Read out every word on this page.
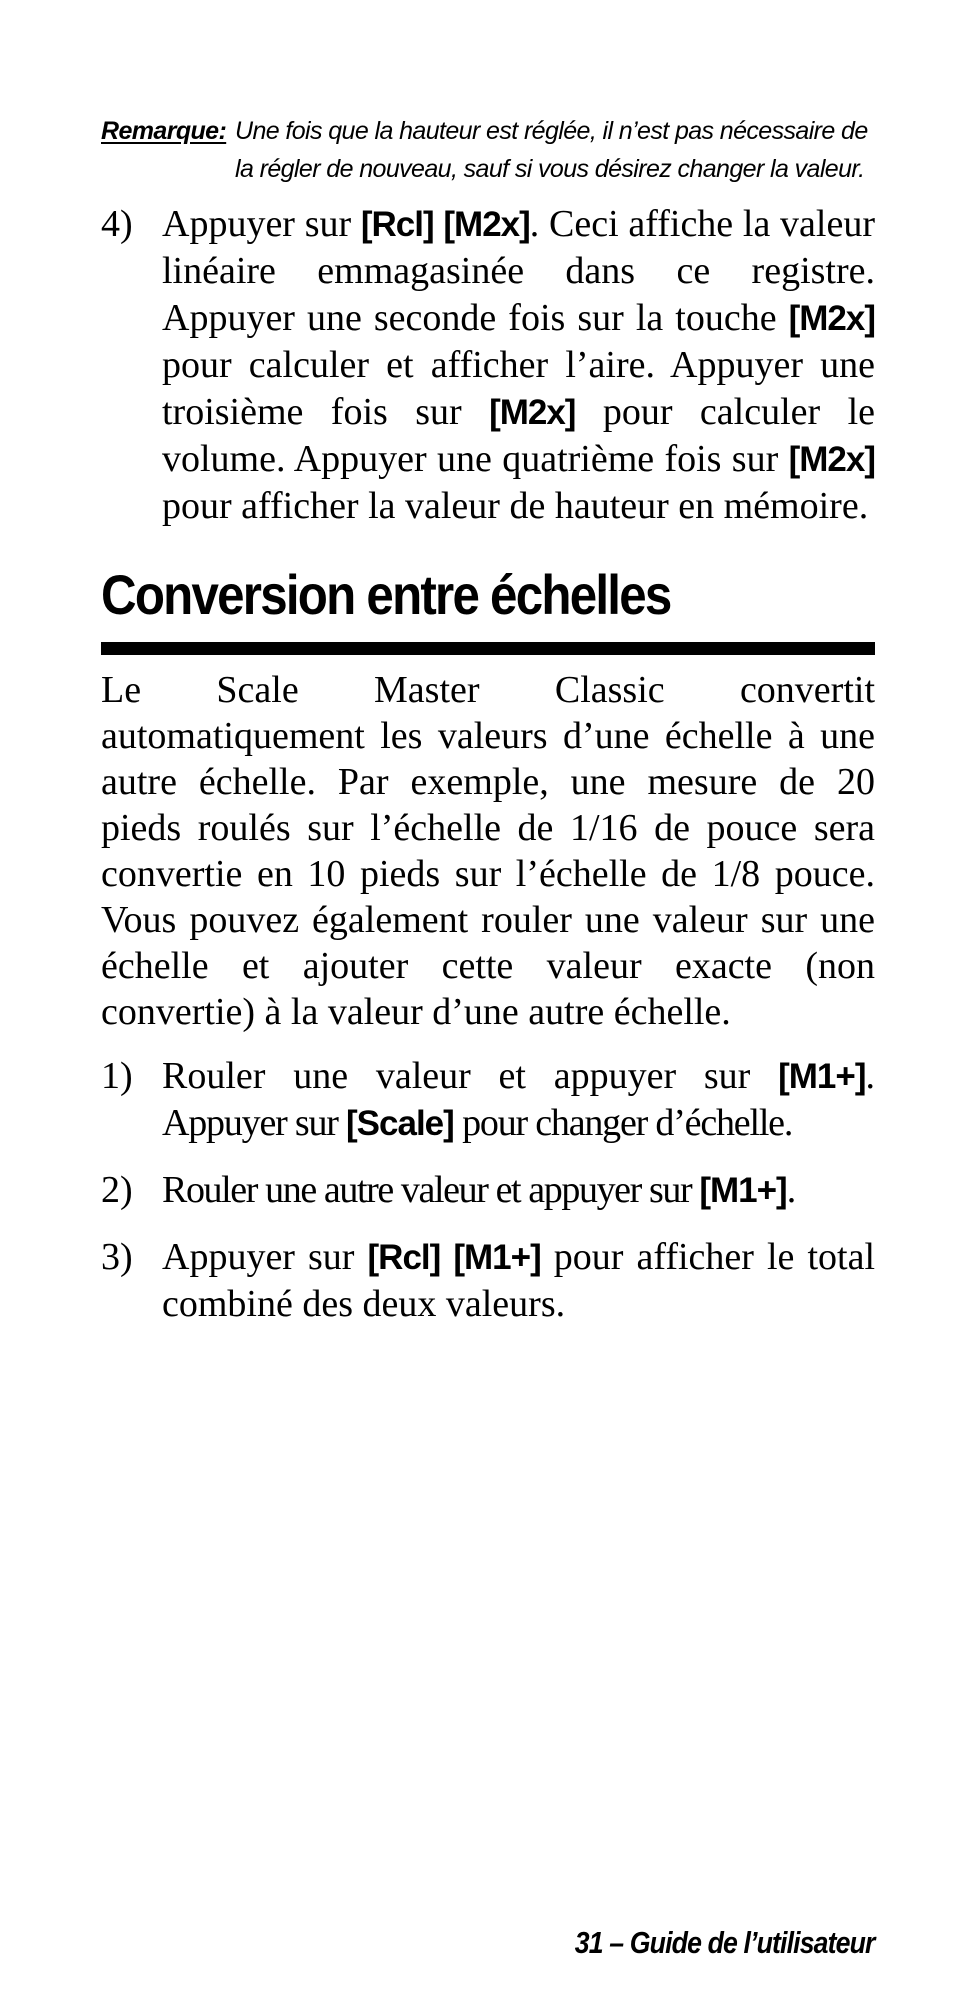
Remarque: Une fois que la hauteur est réglée, il n’est pas nécessaire de la régler de nouveau, sauf si vous désirez changer la valeur.
4) Appuyer sur [Rcl] [M2x]. Ceci affiche la valeur linéaire emmagasinée dans ce registre. Appuyer une seconde fois sur la touche [M2x] pour calculer et afficher l’aire. Appuyer une troisième fois sur [M2x] pour calculer le volume. Appuyer une quatrième fois sur [M2x] pour afficher la valeur de hauteur en mémoire.
Conversion entre échelles
Le Scale Master Classic convertit automatiquement les valeurs d’une échelle à une autre échelle. Par exemple, une mesure de 20 pieds roulés sur l’échelle de 1/16 de pouce sera convertie en 10 pieds sur l’échelle de 1/8 pouce. Vous pouvez également rouler une valeur sur une échelle et ajouter cette valeur exacte (non convertie) à la valeur d’une autre échelle.
1) Rouler une valeur et appuyer sur [M1+]. Appuyer sur [Scale] pour changer d’échelle.
2) Rouler une autre valeur et appuyer sur [M1+].
3) Appuyer sur [Rcl] [M1+] pour afficher le total combiné des deux valeurs.
31 – Guide de l’utilisateur
